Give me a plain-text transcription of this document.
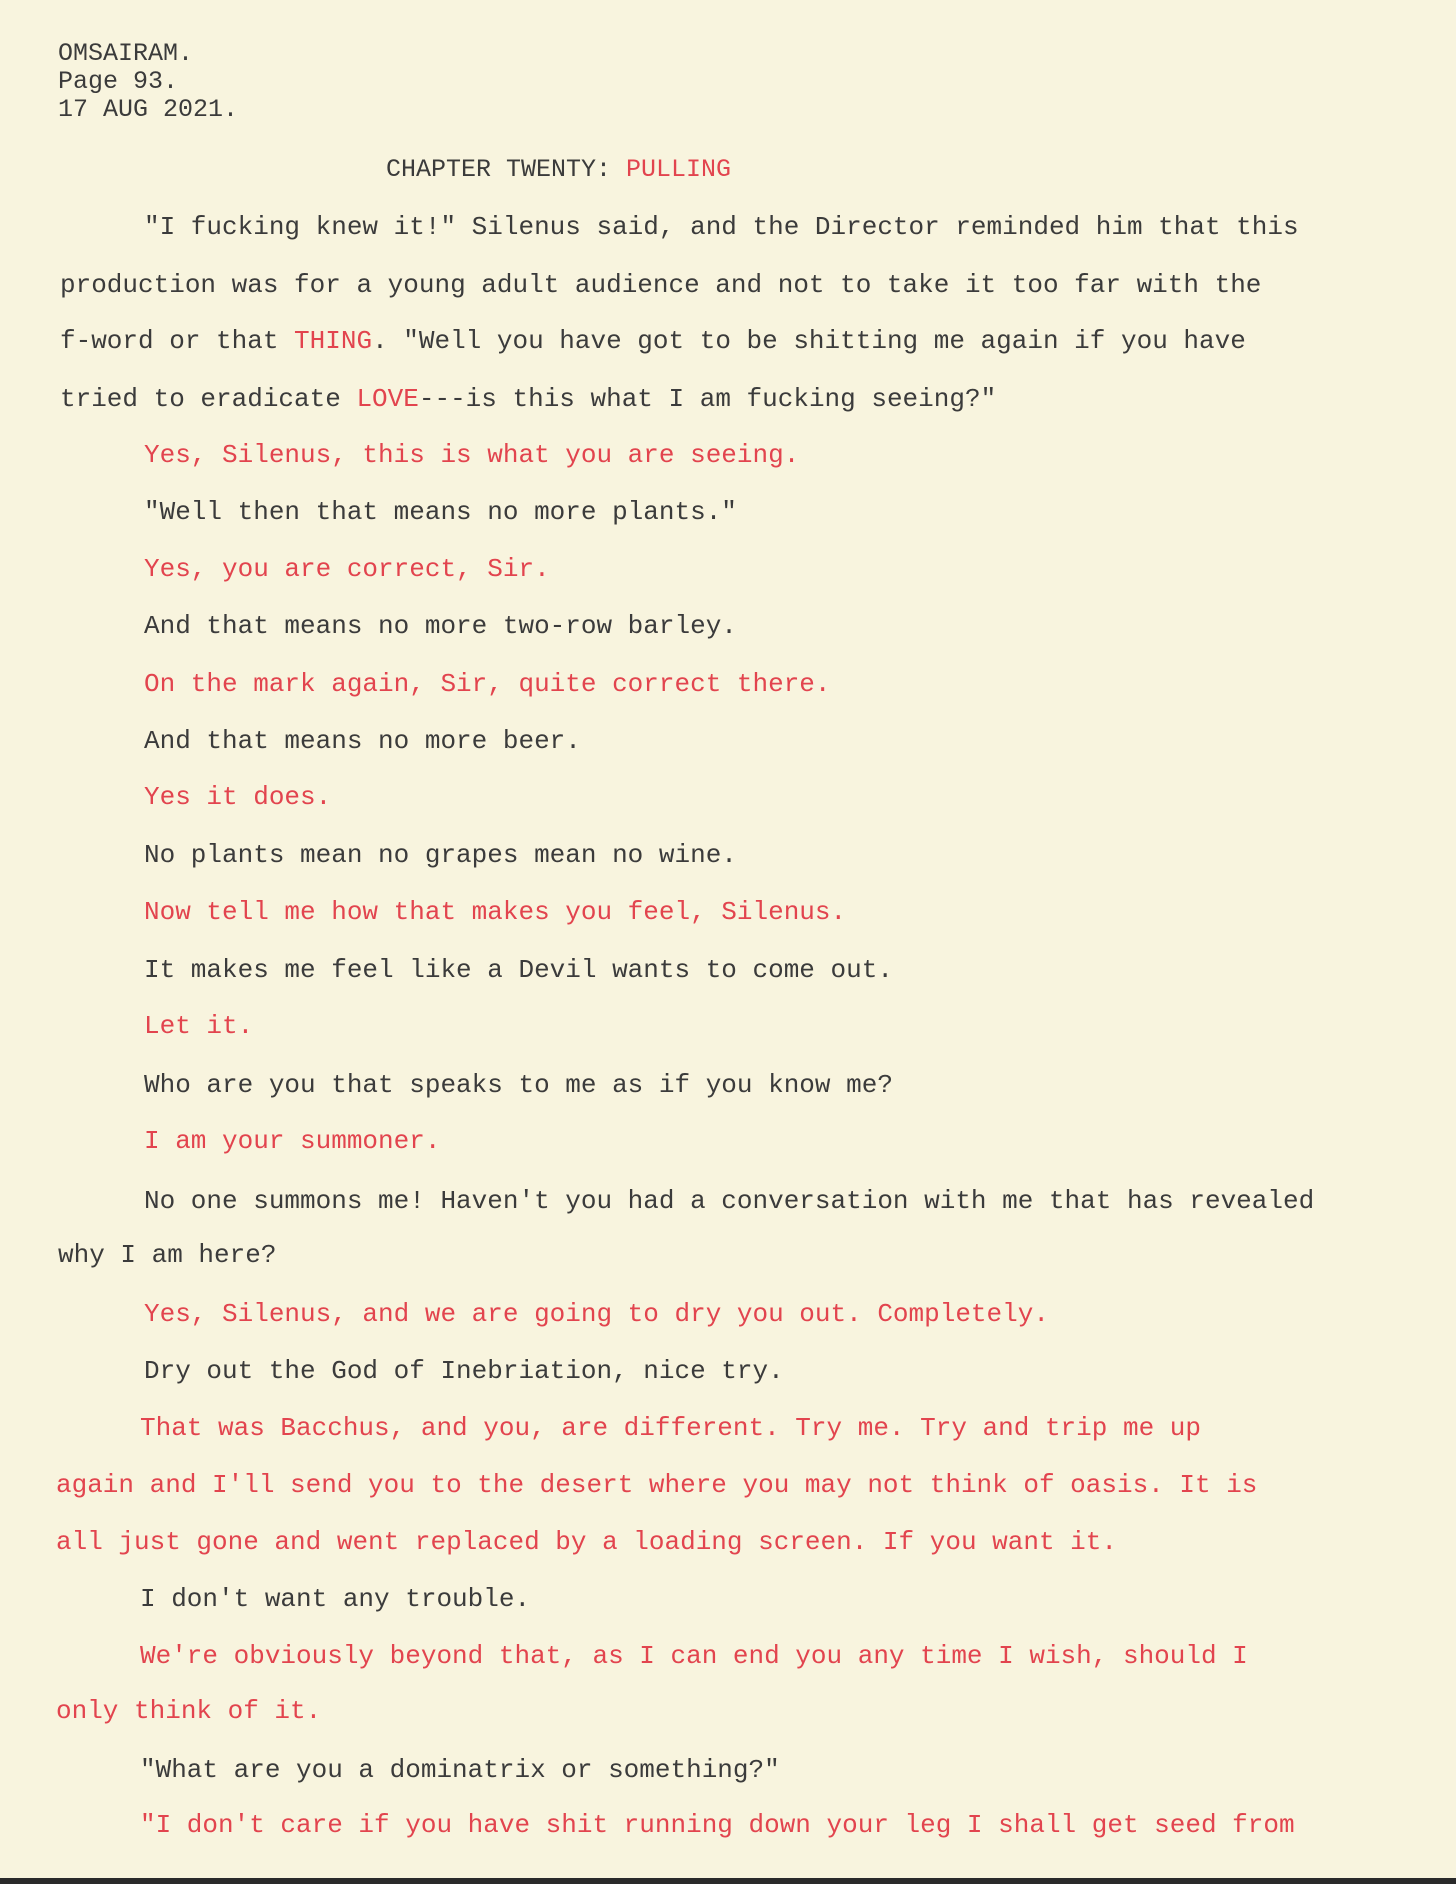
OMSAIRAM.
Page 93.
17 AUG 2021.
CHAPTER TWENTY: PULLING
"I fucking knew it!" Silenus said, and the Director reminded him that this
production was for a young adult audience and not to take it too far with the
f-word or that THING. "Well you have got to be shitting me again if you have
tried to eradicate LOVE---is this what I am fucking seeing?"
Yes, Silenus, this is what you are seeing.
"Well then that means no more plants."
Yes, you are correct, Sir.
And that means no more two-row barley.
On the mark again, Sir, quite correct there.
And that means no more beer.
Yes it does.
No plants mean no grapes mean no wine.
Now tell me how that makes you feel, Silenus.
It makes me feel like a Devil wants to come out.
Let it.
Who are you that speaks to me as if you know me?
I am your summoner.
No one summons me! Haven't you had a conversation with me that has revealed
why I am here?
Yes, Silenus, and we are going to dry you out. Completely.
Dry out the God of Inebriation, nice try.
That was Bacchus, and you, are different. Try me. Try and trip me up
again and I'll send you to the desert where you may not think of oasis. It is
all just gone and went replaced by a loading screen. If you want it.
I don't want any trouble.
We're obviously beyond that, as I can end you any time I wish, should I
only think of it.
"What are you a dominatrix or something?"
"I don't care if you have shit running down your leg I shall get seed from
